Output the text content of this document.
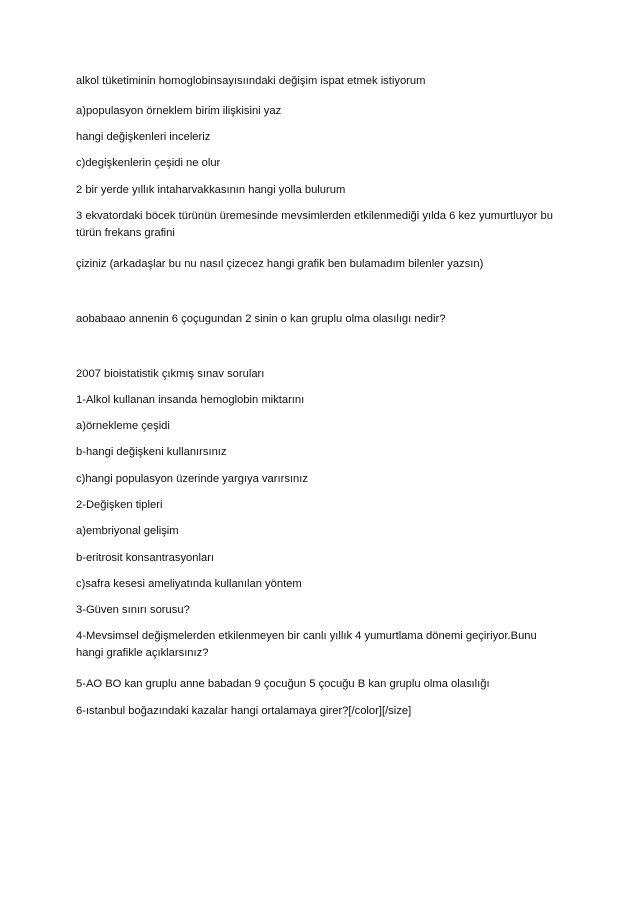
alkol tüketiminin homoglobinsayısıındaki değişim ispat etmek istiyorum

a)populasyon örneklem birim ilişkisini yaz

hangi değişkenleri inceleriz

c)degişkenlerin çeşidi ne olur

2 bir yerde yıllık intaharvakkasının hangi yolla bulurum

3 ekvatordaki böcek türünün üremesinde mevsimlerden etkilenmediği yılda 6 kez yumurtluyor bu türün frekans grafini

çiziniz (arkadaşlar bu nu nasıl çizecez hangi grafik ben bulamadım bilenler yazsın)

aobabaao annenin 6 çoçugundan 2 sinin o kan gruplu olma olasılıgı nedir?

2007 bioistatistik çıkmış sınav soruları

1-Alkol kullanan insanda hemoglobin miktarını

a)örnekleme çeşidi

b-hangi değişkeni kullanırsınız

c)hangi populasyon üzerinde yargıya varırsınız

2-Değişken tipleri

a)embriyonal gelişim

b-eritrosit konsantrasyonları

c)safra kesesi ameliyatında kullanılan yöntem

3-Güven sınırı sorusu?

4-Mevsimsel değişmelerden etkilenmeyen bir canlı yıllık 4 yumurtlama dönemi geçiriyor.Bunu hangi grafikle açıklarsınız?

5-AO BO kan gruplu anne babadan 9 çocuğun 5 çocuğu B kan gruplu olma olasılığı

6-ıstanbul boğazındaki kazalar hangi ortalamaya girer?[/color][/size]
